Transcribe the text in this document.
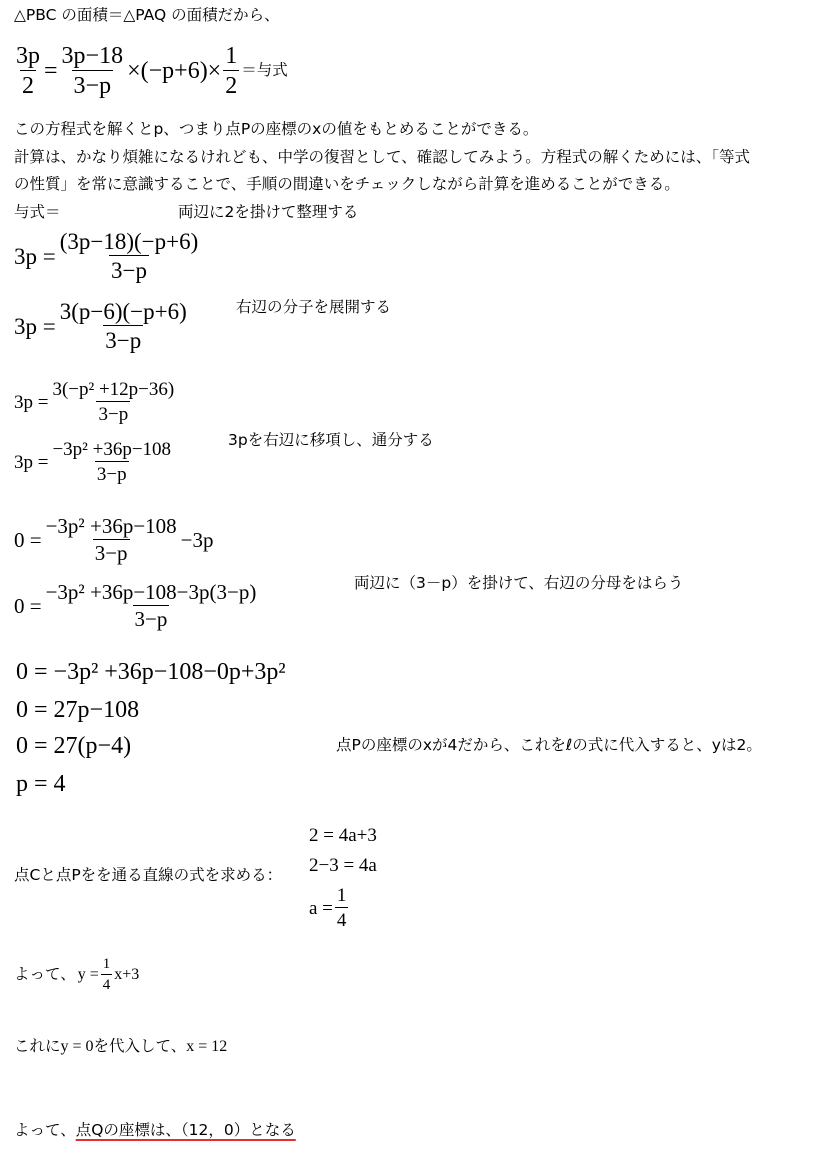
△PBC の面積＝△PAQ の面積だから、
$\frac{3p}{2} = \frac{3p-18}{3-p} \times(-p+6)\times \frac{1}{2}$ ＝与式
この方程式を解くとp、つまり点Pの座標のxの値をもとめることができる。
計算は、かなり煩雑になるけれども、中学の復習として、確認してみよう。方程式の解くためには、「等式
の性質」を常に意識することで、手順の間違いをチェックしながら計算を進めることができる。
与式＝	両辺に2を掛けて整理する
$3p = \frac{(3p-18)(-p+6)}{3-p}$
$3p = \frac{3(p-6)(-p+6)}{3-p}$	右辺の分子を展開する
$3p = \frac{\text{3(−p² +12p−36)}}{3-p}$
$3p = \frac{\text{−3p² +36p−108}}{3-p}$	3pを右辺に移項し、通分する
$0 = \frac{\text{−3p² +36p−108}}{3-p} -3p$
$0 = \frac{\text{−3p² +36p−108−3p(3−p)}}{3-p}$	両辺に（3－p）を掛けて、右辺の分母をはらう
0 = −3p² +36p−108−0p+3p²
0 = 27p−108
0 = 27(p−4)	点Pの座標のxが4だから、これをℓの式に代入すると、yは2。
p = 4
2 = 4a+3
2−3 = 4a
点Cと点Pをを通る直線の式を求める：
$a = \frac{1}{4}$
よって、 $y = \frac{1}{4} x+3$
これにy = 0を代入して、x = 12
よって、点Qの座標は、（12，0）となる
